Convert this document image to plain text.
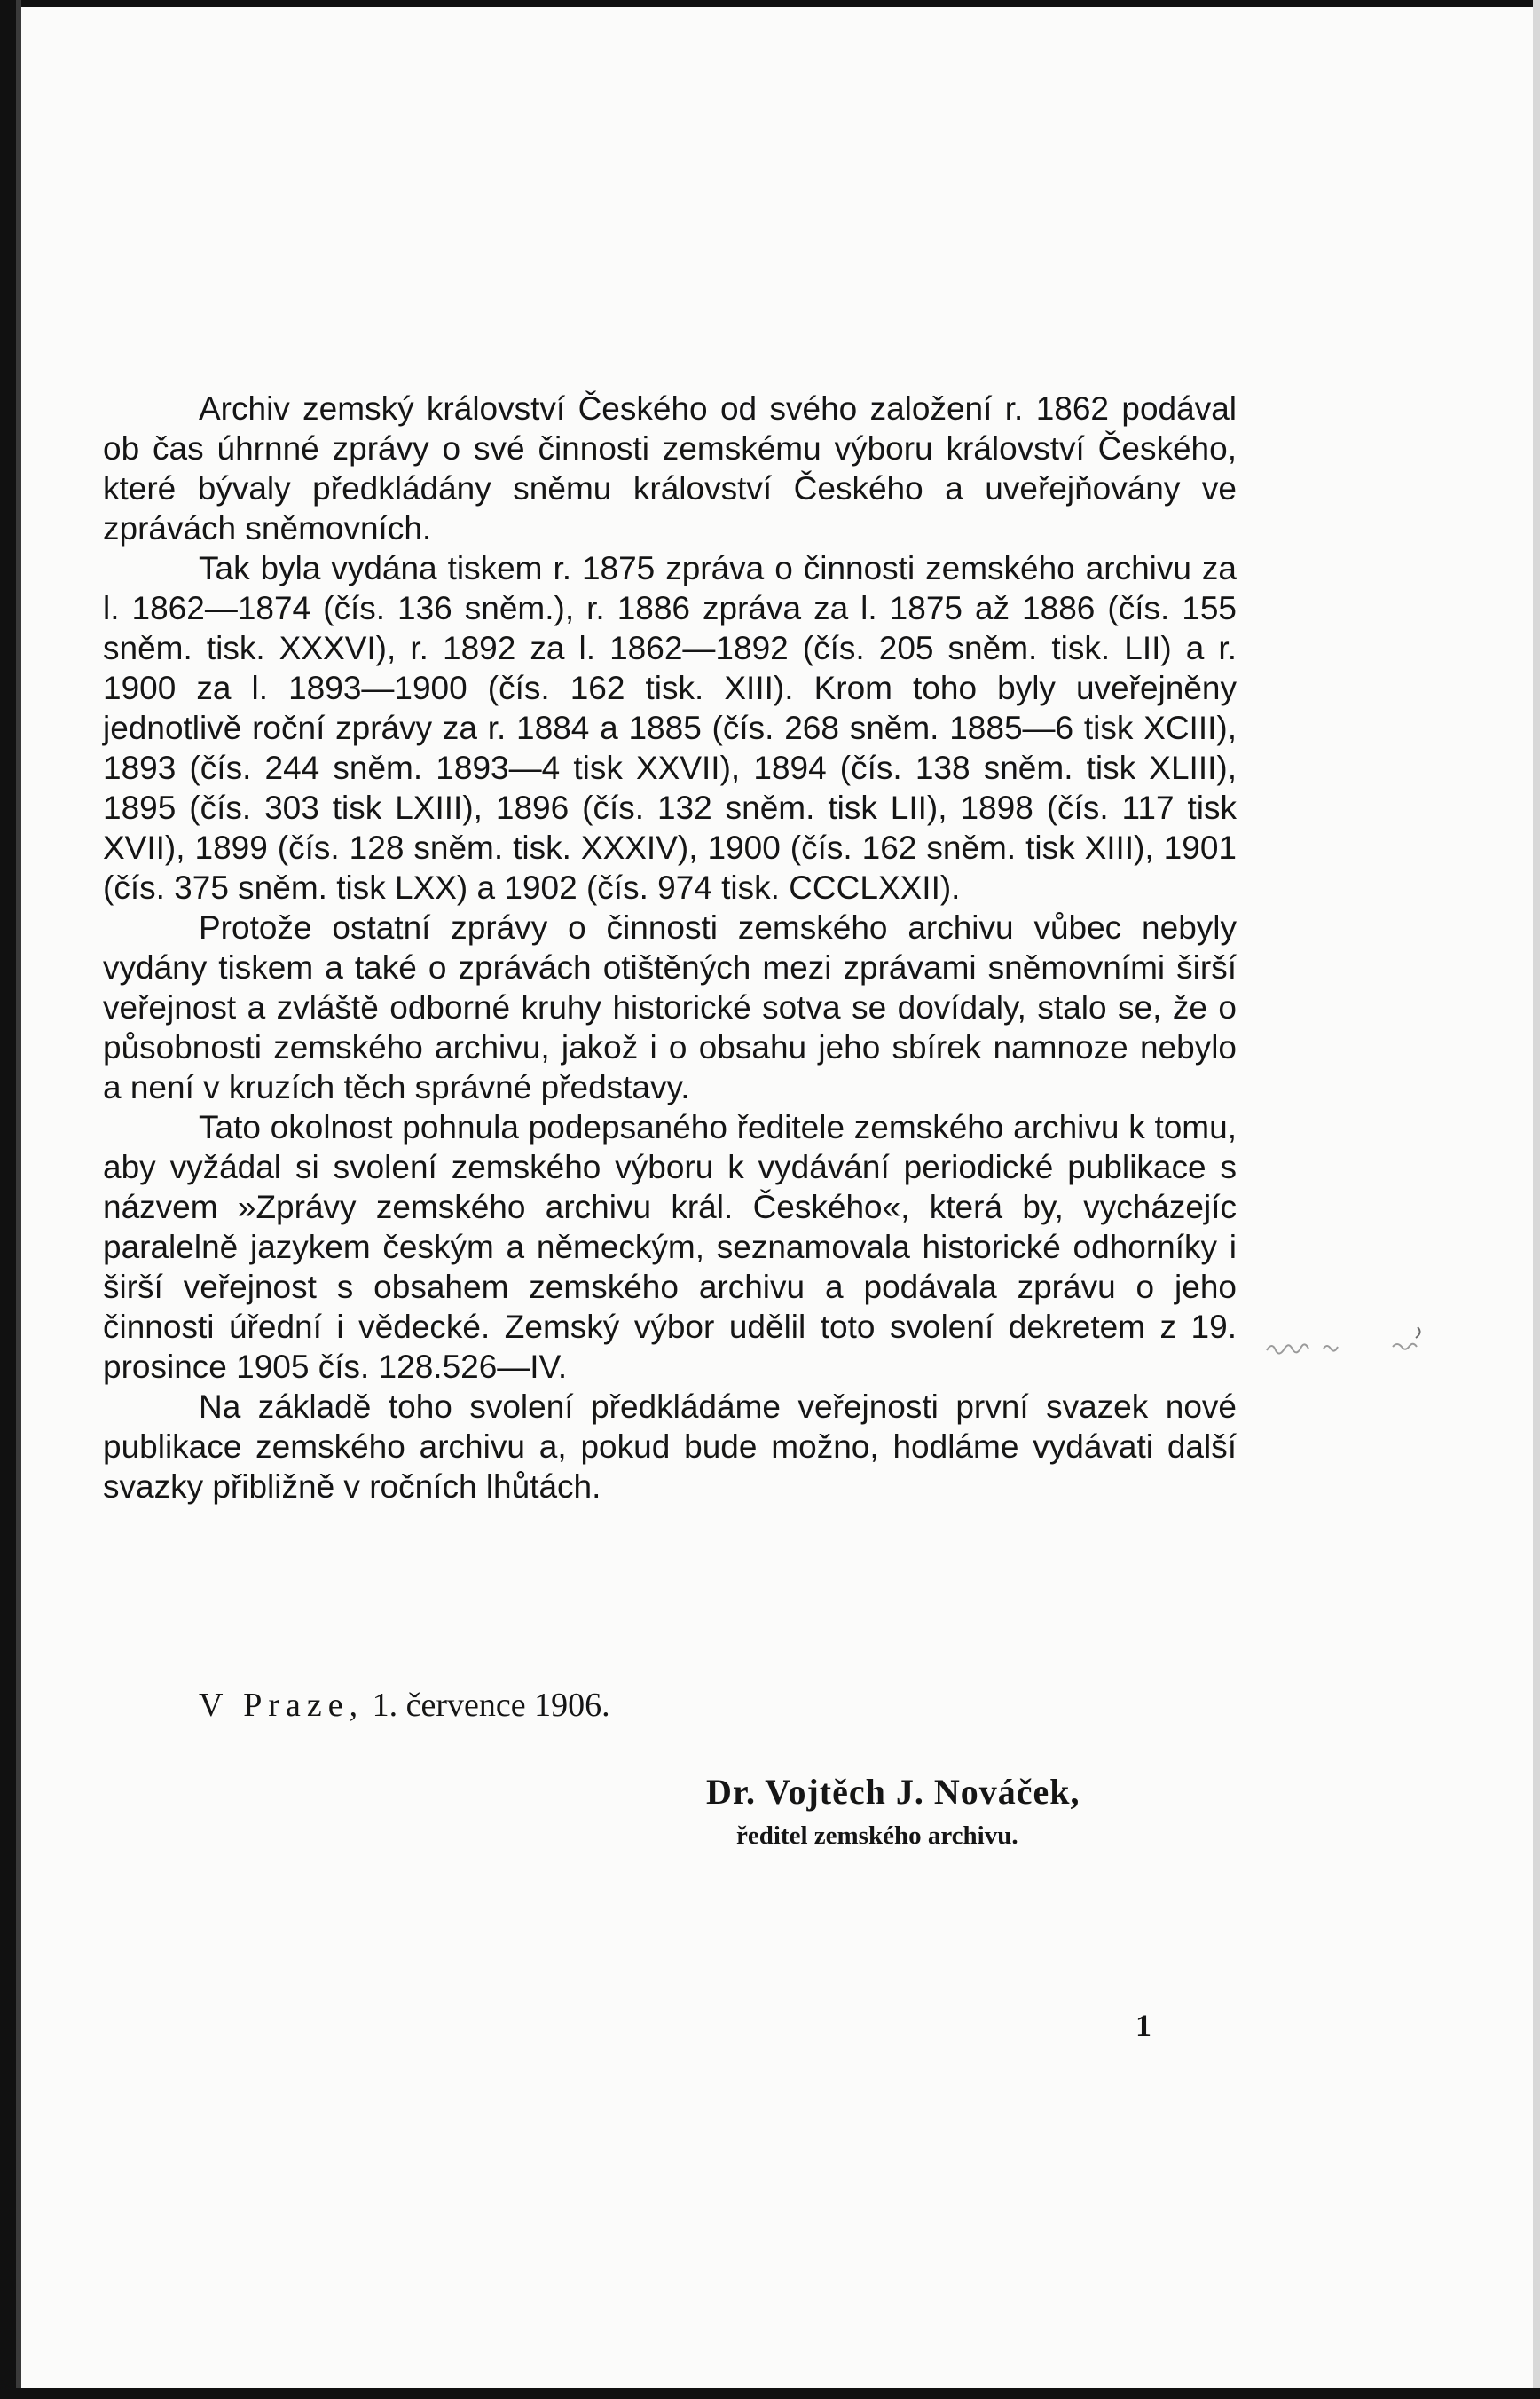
Archiv zemský království Českého od svého založení r. 1862 podával ob čas úhrnné zprávy o své činnosti zemskému výboru království Českého, které bývaly předkládány sněmu království Českého a uveřejňovány ve zprávách sněmovních.

Tak byla vydána tiskem r. 1875 zpráva o činnosti zemského archivu za l. 1862—1874 (čís. 136 sněm.), r. 1886 zpráva za l. 1875 až 1886 (čís. 155 sněm. tisk. XXXVI), r. 1892 za l. 1862—1892 (čís. 205 sněm. tisk. LII) a r. 1900 za l. 1893—1900 (čís. 162 tisk. XIII). Krom toho byly uveřejněny jednotlivě roční zprávy za r. 1884 a 1885 (čís. 268 sněm. 1885—6 tisk XCIII), 1893 (čís. 244 sněm. 1893—4 tisk XXVII), 1894 (čís. 138 sněm. tisk XLIII), 1895 (čís. 303 tisk LXIII), 1896 (čís. 132 sněm. tisk LII), 1898 (čís. 117 tisk XVII), 1899 (čís. 128 sněm. tisk. XXXIV), 1900 (čís. 162 sněm. tisk XIII), 1901 (čís. 375 sněm. tisk LXX) a 1902 (čís. 974 tisk. CCCLXXII).

Protože ostatní zprávy o činnosti zemského archivu vůbec nebyly vydány tiskem a také o zprávách otištěných mezi zprávami sněmovními širší veřejnost a zvláště odborné kruhy historické sotva se dovídaly, stalo se, že o působnosti zemského archivu, jakož i o obsahu jeho sbírek namnoze nebylo a není v kruzích těch správné představy.

Tato okolnost pohnula podepsaného ředitele zemského archivu k tomu, aby vyžádal si svolení zemského výboru k vydávání periodické publikace s názvem »Zprávy zemského archivu král. Českého«, která by, vycházejíc paralelně jazykem českým a německým, seznamovala historické odhorníky i širší veřejnost s obsahem zemského archivu a podávala zprávu o jeho činnosti úřední i vědecké. Zemský výbor udělil toto svolení dekretem z 19. prosince 1905 čís. 128.526—IV.

Na základě toho svolení předkládáme veřejnosti první svazek nové publikace zemského archivu a, pokud bude možno, hodláme vydávati další svazky přibližně v ročních lhůtách.

V Praze, 1. července 1906.
Dr. Vojtěch J. Nováček,
ředitel zemského archivu.
1
